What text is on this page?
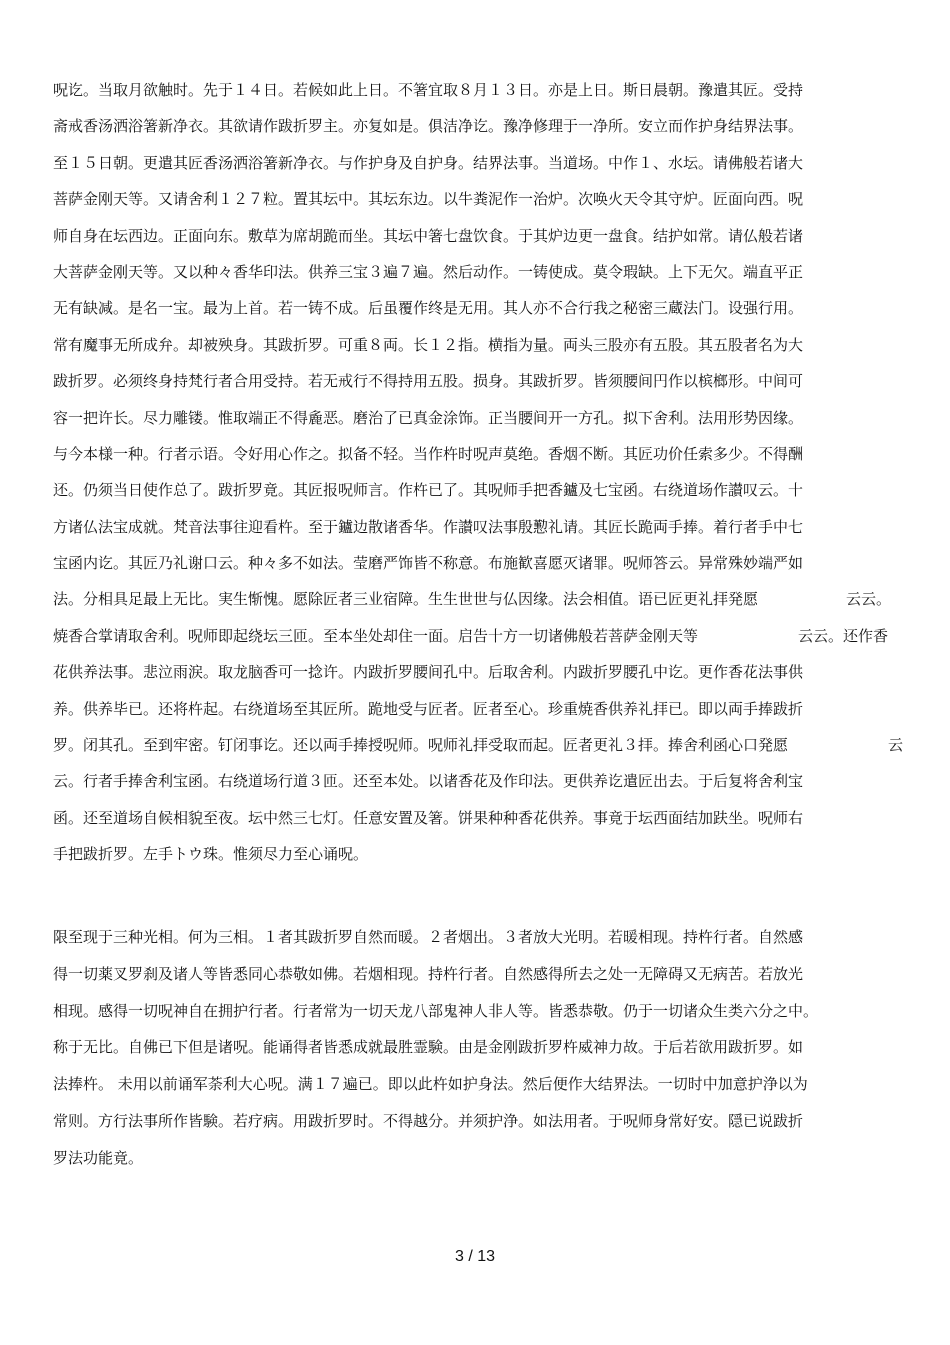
呪讫。当取月欲触时。先于１４日。若候如此上日。不箸宜取８月１３日。亦是上日。斯日晨朝。豫遣其匠。受持
斋戒香汤洒浴箸新净衣。其欲请作跋折罗主。亦复如是。俱洁净讫。豫净修理于一净所。安立而作护身结界法事。
至１５日朝。更遣其匠香汤洒浴箸新净衣。与作护身及自护身。结界法事。当道场。中作１、水坛。请佛般若诸大
菩萨金刚天等。又请舍利１２７粒。置其坛中。其坛东边。以牛粪泥作一治炉。次唤火天令其守炉。匠面向西。呪
师自身在坛西边。正面向东。敷草为席胡跪而坐。其坛中箸七盘饮食。于其炉边更一盘食。结护如常。请仏般若诸
大菩萨金刚天等。又以种々香华印法。供养三宝３遍７遍。然后动作。一铸使成。莫令瑕缺。上下无欠。端直平正
无有缺减。是名一宝。最为上首。若一铸不成。后虽覆作终是无用。其人亦不合行我之秘密三蔵法门。设强行用。
常有魔事无所成弁。却被殃身。其跋折罗。可重８両。长１２指。横指为量。両头三股亦有五股。其五股者名为大
跋折罗。必须终身持梵行者合用受持。若无戒行不得持用五股。损身。其跋折罗。皆须腰间円作以槟榔形。中间可
容一把许长。尽力雕镂。惟取端正不得麁恶。磨治了已真金涂饰。正当腰间开一方孔。拟下舍利。法用形势因缘。
与今本様一种。行者示语。令好用心作之。拟备不轻。当作杵时呪声莫绝。香烟不断。其匠功价任索多少。不得酬
还。仍须当日使作总了。跋折罗竟。其匠报呪师言。作杵已了。其呪师手把香鑪及七宝函。右绕道场作讃叹云。十
方诸仏法宝成就。梵音法事往迎看杵。至于鑪边散诸香华。作讃叹法事殷懃礼请。其匠长跪両手捧。着行者手中七
宝函内讫。其匠乃礼谢口云。种々多不如法。莹磨严饰皆不称意。布施歓喜愿灭诸罪。呪师答云。异常殊妙端严如
法。分相具足最上无比。実生惭愧。愿除匠者三业宿障。生生世世与仏因缘。法会相值。语已匠更礼拝発愿	云云。
焼香合掌请取舍利。呪师即起绕坛三匝。至本坐处却住一面。启告十方一切诸佛般若菩萨金刚天等	云云。还作香
花供养法事。悲泣雨涙。取龙脑香可一捻许。内跋折罗腰间孔中。后取舍利。内跋折罗腰孔中讫。更作香花法事供
养。供养毕已。还将杵起。右绕道场至其匠所。跪地受与匠者。匠者至心。珍重焼香供养礼拝已。即以両手捧跋折
罗。闭其孔。至到牢密。钉闭事讫。还以両手捧授呪师。呪师礼拝受取而起。匠者更礼３拝。捧舍利函心口発愿	云
云。行者手捧舍利宝函。右绕道场行道３匝。还至本处。以诸香花及作印法。更供养讫遣匠出去。于后复将舍利宝
函。还至道场自候相貌至夜。坛中然三七灯。任意安置及箸。饼果种种香花供养。事竟于坛西面结加趺坐。呪师右
手把跋折罗。左手トウ珠。惟须尽力至心诵呪。
限至现于三种光相。何为三相。１者其跋折罗自然而暖。２者烟出。３者放大光明。若暖相现。持杵行者。自然感
得一切薬叉罗刹及诸人等皆悉同心恭敬如佛。若烟相现。持杵行者。自然感得所去之处一无障碍又无病苦。若放光
相现。感得一切呪神自在拥护行者。行者常为一切天龙八部鬼神人非人等。皆悉恭敬。仍于一切诸众生类六分之中。
称于无比。自佛已下但是诸呪。能诵得者皆悉成就最胜霊験。由是金刚跋折罗杵威神力故。于后若欲用跋折罗。如
法捧杵。 未用以前诵军荼利大心呪。满１７遍已。即以此杵如护身法。然后便作大结界法。一切时中加意护浄以为
常则。方行法事所作皆験。若疗病。用跋折罗时。不得越分。并须护浄。如法用者。于呪师身常好安。隠已说跋折
罗法功能竟。
3 / 13
